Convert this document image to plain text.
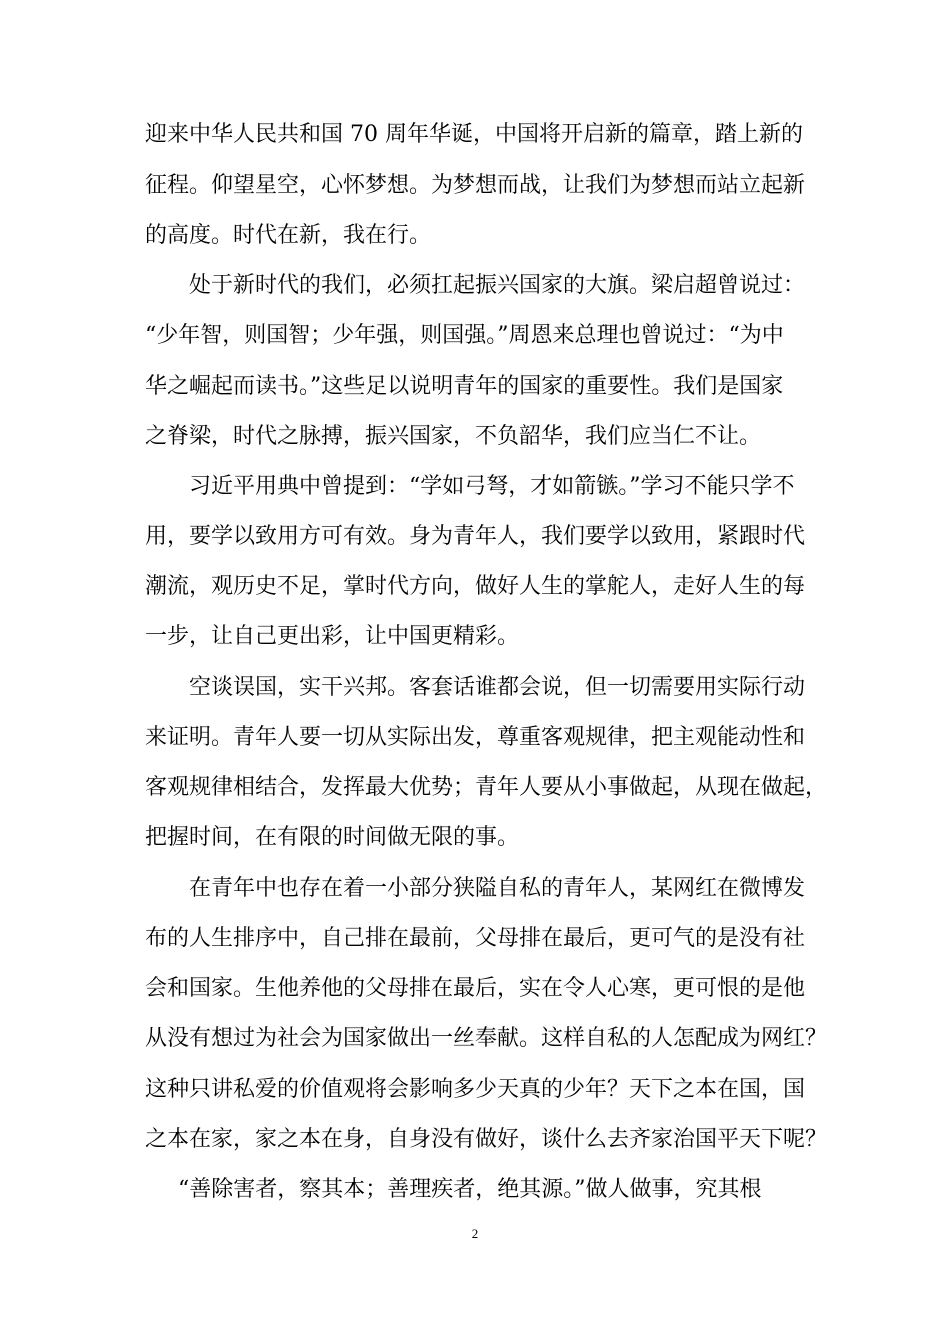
迎来中华人民共和国 70 周年华诞，中国将开启新的篇章，踏上新的
征程。仰望星空，心怀梦想。为梦想而战，让我们为梦想而站立起新
的高度。时代在新，我在行。
处于新时代的我们，必须扛起振兴国家的大旗。梁启超曾说过：
“少年智，则国智；少年强，则国强。”周恩来总理也曾说过：“为中
华之崛起而读书。”这些足以说明青年的国家的重要性。我们是国家
之脊梁，时代之脉搏，振兴国家，不负韶华，我们应当仁不让。
习近平用典中曾提到：“学如弓弩，才如箭镞。”学习不能只学不
用，要学以致用方可有效。身为青年人，我们要学以致用，紧跟时代
潮流，观历史不足，掌时代方向，做好人生的掌舵人，走好人生的每
一步，让自己更出彩，让中国更精彩。
空谈误国，实干兴邦。客套话谁都会说，但一切需要用实际行动
来证明。青年人要一切从实际出发，尊重客观规律，把主观能动性和
客观规律相结合，发挥最大优势；青年人要从小事做起，从现在做起，
把握时间，在有限的时间做无限的事。
在青年中也存在着一小部分狭隘自私的青年人，某网红在微博发
布的人生排序中，自己排在最前，父母排在最后，更可气的是没有社
会和国家。生他养他的父母排在最后，实在令人心寒，更可恨的是他
从没有想过为社会为国家做出一丝奉献。这样自私的人怎配成为网红？
这种只讲私爱的价值观将会影响多少天真的少年？天下之本在国，国
之本在家，家之本在身，自身没有做好，谈什么去齐家治国平天下呢？
“善除害者，察其本；善理疾者，绝其源。”做人做事，究其根
2
